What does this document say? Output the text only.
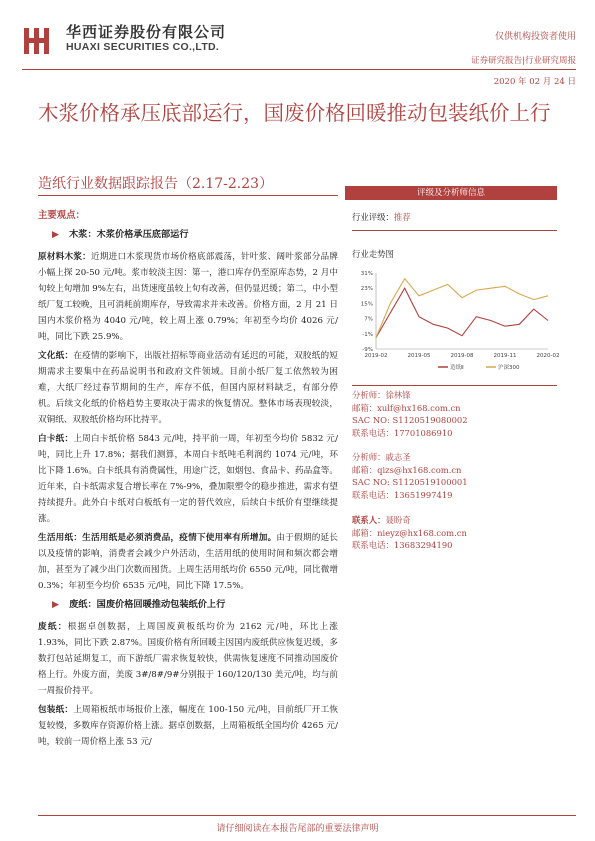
华西证券股份有限公司
HUAXI SECURITIES CO.,LTD.
仅供机构投资者使用
证券研究报告|行业研究周报
2020 年 02 月 24 日
木浆价格承压底部运行，国废价格回暖推动包装纸价上行
造纸行业数据跟踪报告（2.17-2.23）
主要观点：
▶ 木浆：木浆价格承压底部运行

原材料木浆：近期进口木浆现货市场价格底部震荡，针叶浆、阔叶浆部分品牌小幅上探 20-50 元/吨。浆市较淡主因：第一，港口库存仍至原库态势，2 月中旬较上旬增加 9%左右，出货速度虽较上旬有改善，但仍显迟缓；第二，中小型纸厂复工较晚，且可消耗前期库存，导致需求并未改善。价格方面，2 月 21 日国内木浆价格为 4040 元/吨，较上周上涨 0.79%；年初至今均价 4026 元/吨，同比下跌 25.9%。

文化纸：在疫情的影响下，出版社招标等商业活动有延迟的可能，双胶纸的短期需求主要集中在药品说明书和政府文件领域。目前小纸厂复工依然较为困难，大纸厂经过春节期间的生产，库存不低，但国内原材料缺乏，有部分停机。后续文化纸的价格趋势主要取决于需求的恢复情况。整体市场表现较淡，双铜纸、双胶纸价格均环比持平。

白卡纸：上周白卡纸价格 5843 元/吨，持平前一周，年初至今均价 5832 元/吨，同比上升 17.8%；据我们测算，本周白卡纸吨毛利润约 1074 元/吨，环比下降 1.6%。白卡纸具有消费属性，用途广泛，如烟包、食品卡、药品盒等。近年来，白卡纸需求复合增长率在 7%-9%，叠加限塑令的稳步推进，需求有望持续提升。此外白卡纸对白板纸有一定的替代效应，后续白卡纸价有望继续提涨。

生活用纸：生活用纸是必须消费品，疫情下使用率有所增加。由于假期的延长以及疫情的影响，消费者会减少户外活动，生活用纸的使用时间和频次都会增加，甚至为了减少出门次数而囤货。上周生活用纸均价 6550 元/吨，同比微增 0.3%；年初至今均价 6535 元/吨，同比下降 17.5%。

▶ 废纸：国废价格回暖推动包装纸价上行

废纸：根据卓创数据，上周国废黄板纸均价为 2162 元/吨，环比上涨 1.93%，同比下跌 2.87%。国废价格有所回暖主因国内废纸供应恢复迟缓，多数打包站延期复工，而下游纸厂需求恢复较快，供需恢复速度不同推动国废价格上行。外废方面，美废 3#/8#/9#分别报于 160/120/130 美元/吨，均与前一周报价持平。

包装纸：上周箱板纸市场报价上涨，幅度在 100-150 元/吨，目前纸厂开工恢复较慢，多数库存资源价格上涨。据卓创数据，上周箱板纸全国均价 4265 元/吨，较前一周价格上涨 53 元/

评级及分析师信息
行业评级：推荐
行业走势图
31%
23%
15%
7%
-1%
-9%
2019-02	2019-05	2019-08	2019-11	2020-02
造纸Ⅱ	沪深300
分析师：徐林锋
邮箱：xulf@hx168.com.cn
SAC NO: S1120519080002
联系电话：17701086910
分析师：戚志圣
邮箱：qizs@hx168.com.cn
SAC NO: S1120519100001
联系电话：13651997419
联系人：聂盼奇
邮箱：nieyz@hx168.com.cn
联系电话：13683294190
请仔细阅读在本报告尾部的重要法律声明
